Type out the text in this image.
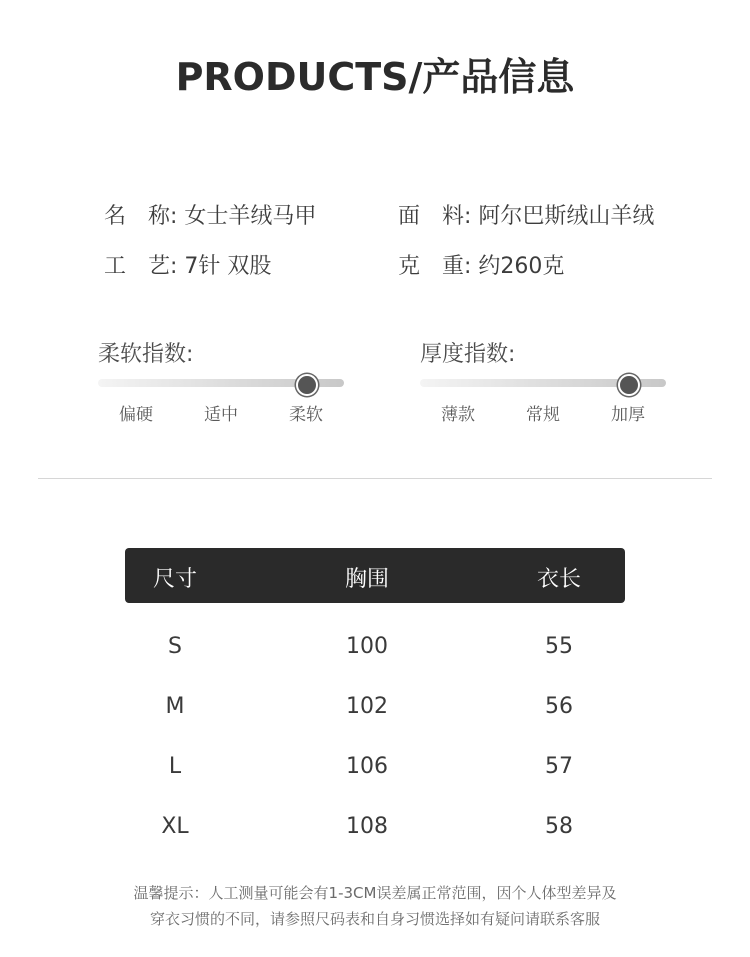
PRODUCTS/产品信息
名　称: 女士羊绒马甲	面　料: 阿尔巴斯绒山羊绒
工　艺: 7针 双股	克　重: 约260克
柔软指数:
偏硬	适中	柔软
厚度指数:
薄款	常规	加厚
尺寸	胸围	衣长
S	100	55
M	102	56
L	106	57
XL	108	58
温馨提示：人工测量可能会有1-3CM误差属正常范围，因个人体型差异及
穿衣习惯的不同，请参照尺码表和自身习惯选择如有疑问请联系客服
